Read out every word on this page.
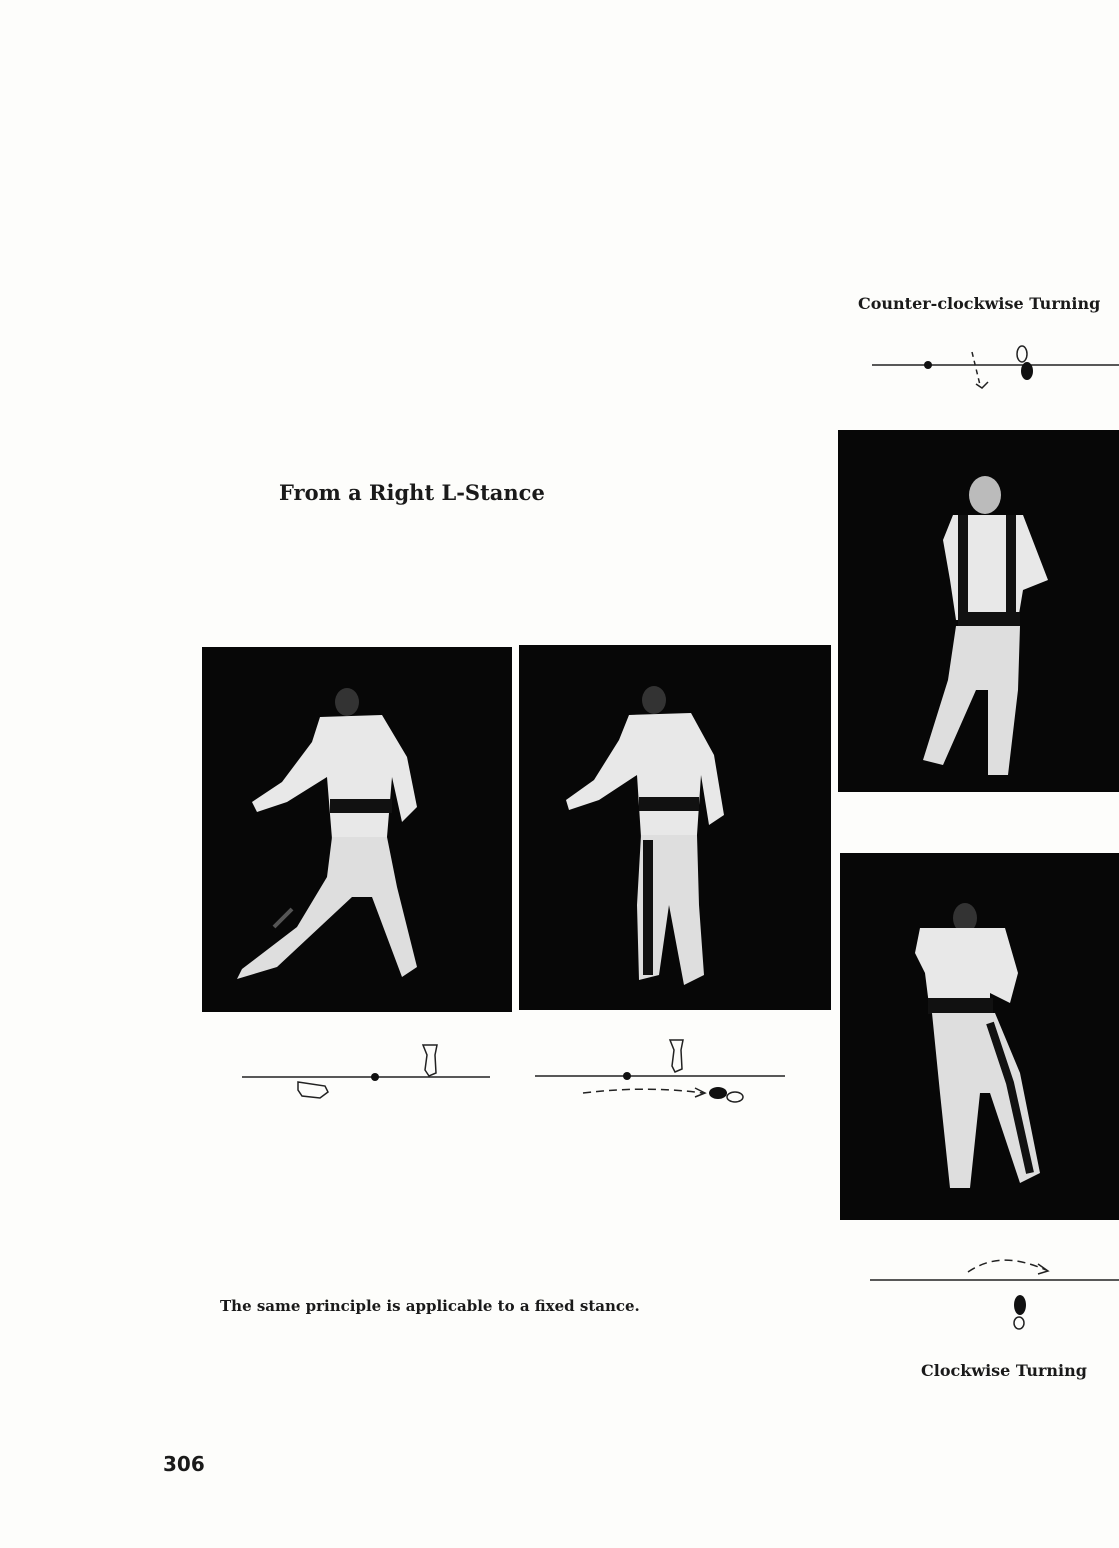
From a Right L-Stance
Counter-clockwise Turning
Clockwise Turning
The same principle is applicable to a fixed stance.
306
